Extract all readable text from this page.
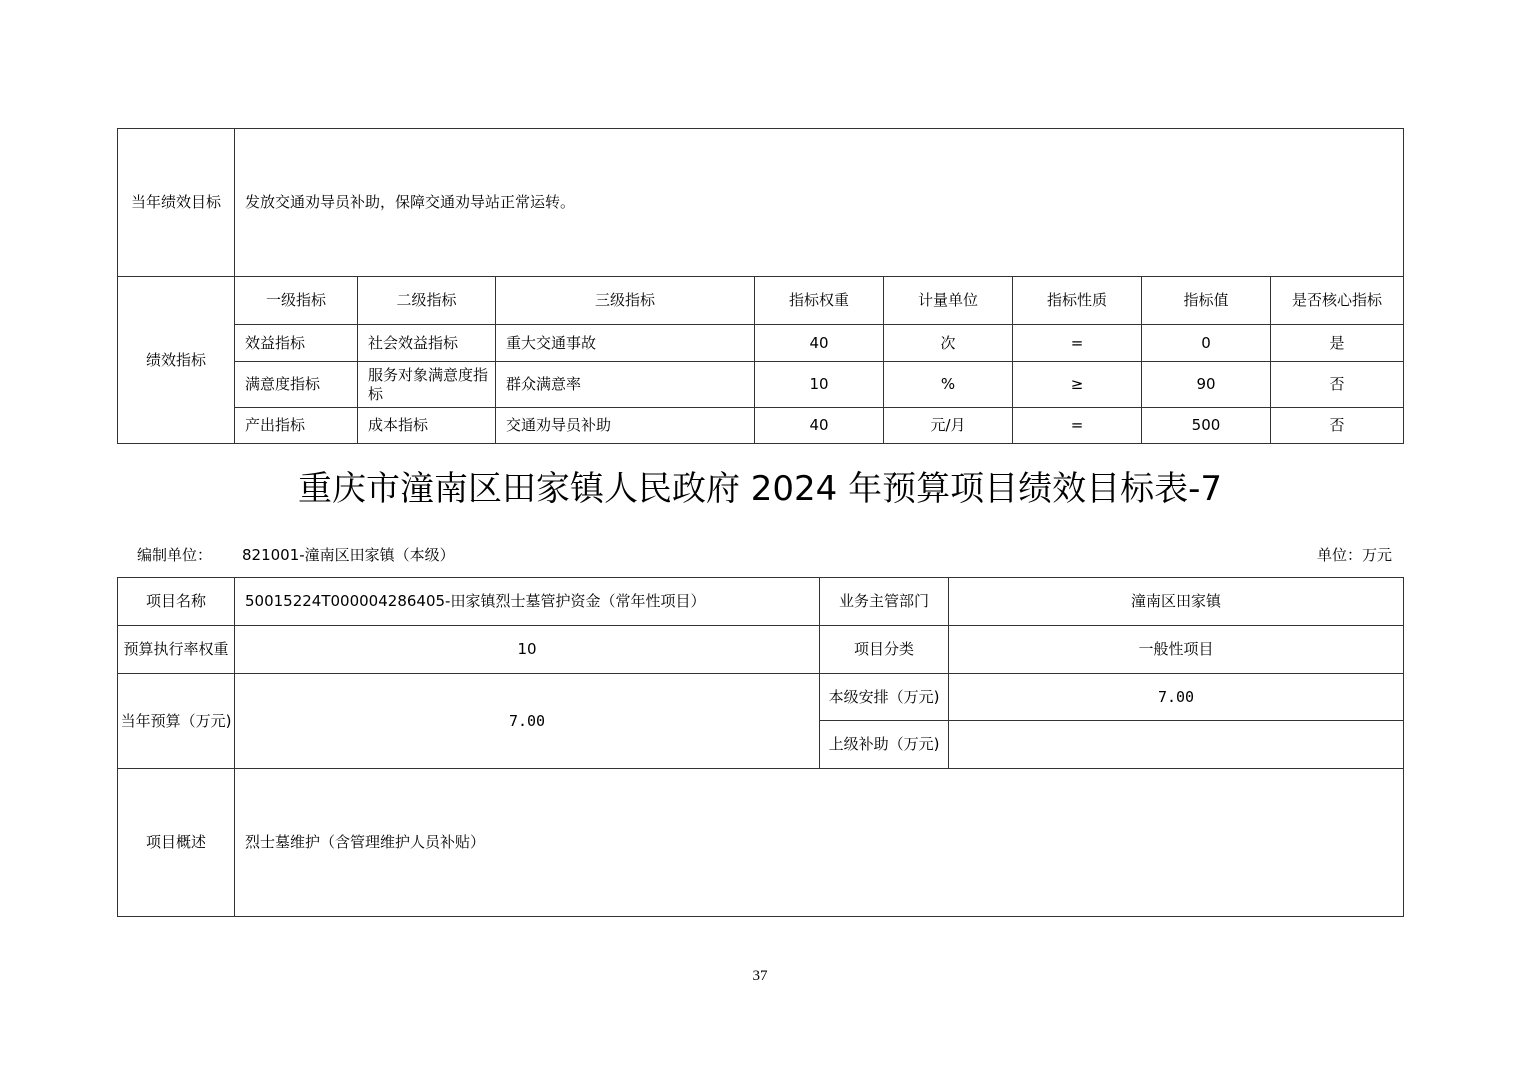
当年绩效目标	发放交通劝导员补助，保障交通劝导站正常运转。							
绩效指标	一级指标	二级指标	三级指标	指标权重	计量单位	指标性质	指标值	是否核心指标
	效益指标	社会效益指标	重大交通事故	40	次	=	0	是
	满意度指标	服务对象满意度指标	群众满意率	10	%	≥	90	否
	产出指标	成本指标	交通劝导员补助	40	元/月	=	500	否
重庆市潼南区田家镇人民政府 2024 年预算项目绩效目标表-7
编制单位： 821001-潼南区田家镇（本级）	单位：万元
项目名称	50015224T000004286405-田家镇烈士墓管护资金（常年性项目）	业务主管部门	潼南区田家镇
预算执行率权重	10	项目分类	一般性项目
当年预算（万元)	7.00	本级安排（万元)	7.00
		上级补助（万元)	
项目概述	烈士墓维护（含管理维护人员补贴）		
37
